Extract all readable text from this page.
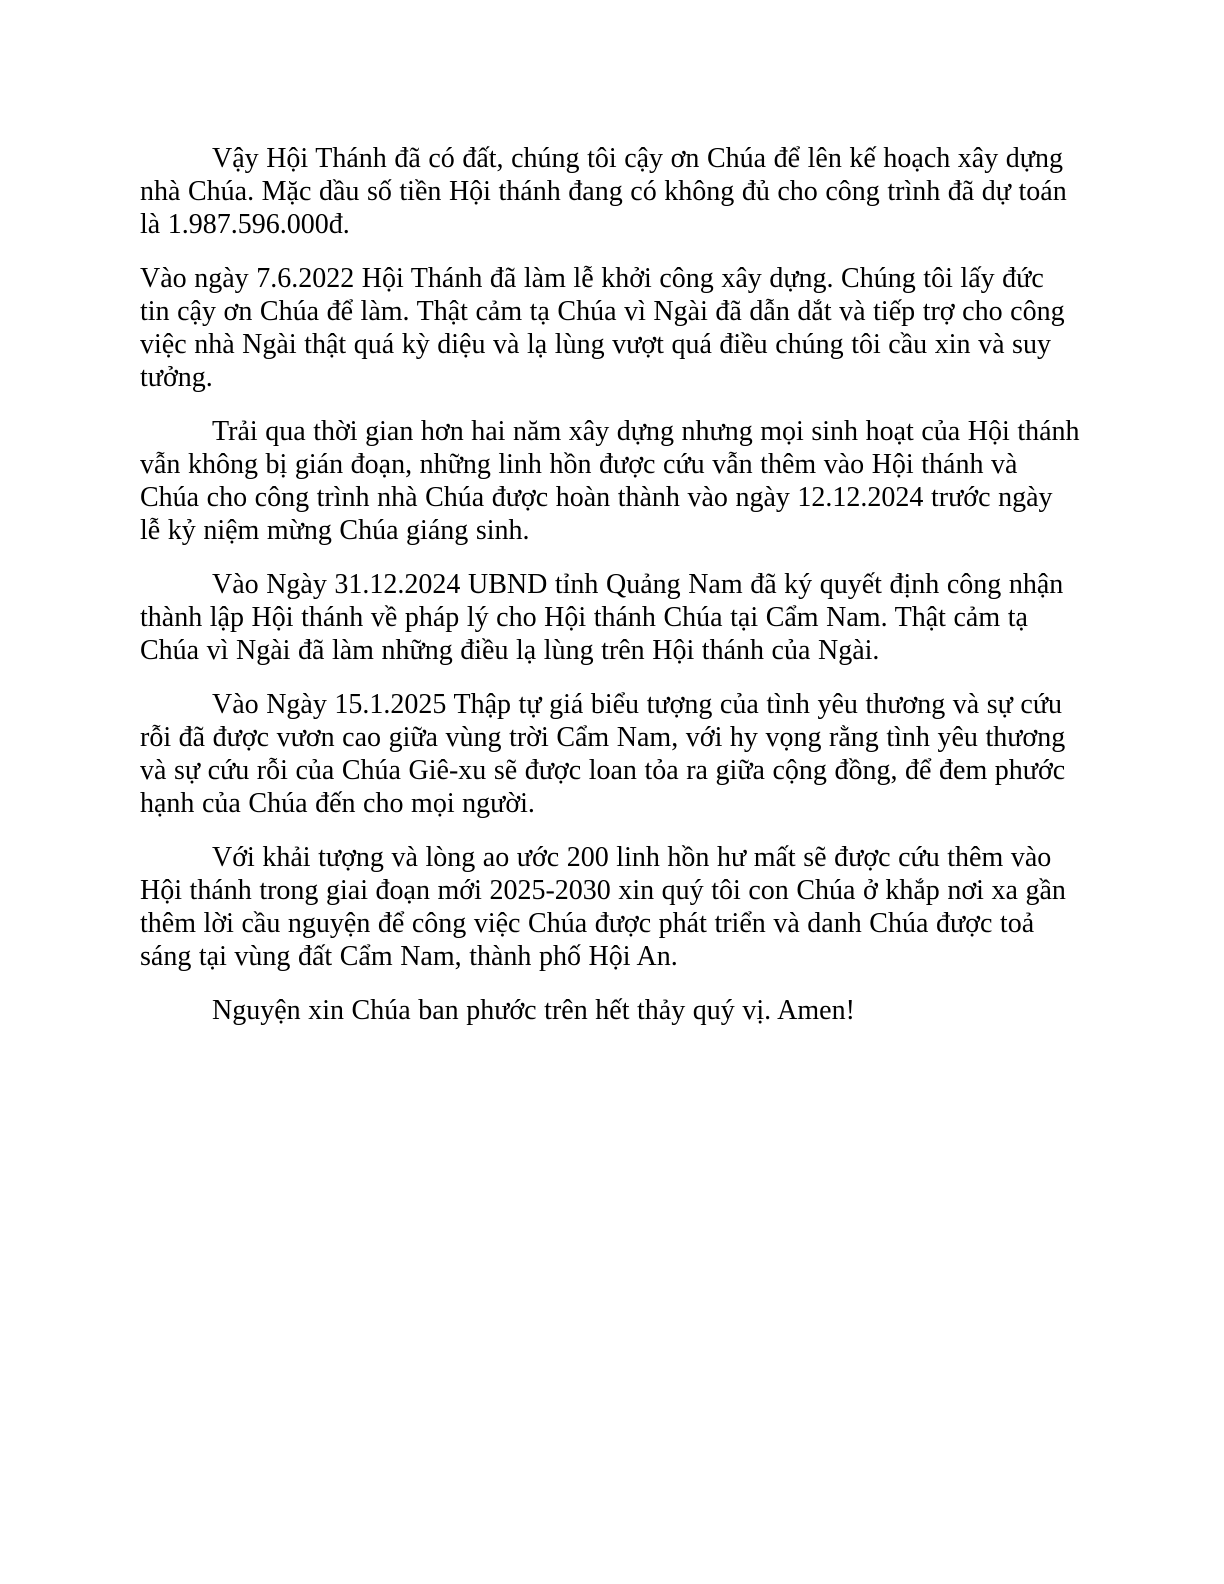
Vậy Hội Thánh đã có đất, chúng tôi cậy ơn Chúa để lên kế hoạch xây dựng nhà Chúa. Mặc dầu số tiền Hội thánh đang có không đủ cho công trình đã dự toán là 1.987.596.000đ.

Vào ngày 7.6.2022 Hội Thánh đã làm lễ khởi công xây dựng. Chúng tôi lấy đức tin cậy ơn Chúa để làm. Thật cảm tạ Chúa vì Ngài đã dẫn dắt và tiếp trợ cho công việc nhà Ngài thật quá kỳ diệu và lạ lùng vượt quá điều chúng tôi cầu xin và suy tưởng.

Trải qua thời gian hơn hai năm xây dựng nhưng mọi sinh hoạt của Hội thánh vẫn không bị gián đoạn, những linh hồn được cứu vẫn thêm vào Hội thánh và Chúa cho công trình nhà Chúa được hoàn thành vào ngày 12.12.2024 trước ngày lễ kỷ niệm mừng Chúa giáng sinh.

Vào Ngày 31.12.2024 UBND tỉnh Quảng Nam đã ký quyết định công nhận thành lập Hội thánh về pháp lý cho Hội thánh Chúa tại Cẩm Nam. Thật cảm tạ Chúa vì Ngài đã làm những điều lạ lùng trên Hội thánh của Ngài.

Vào Ngày 15.1.2025 Thập tự giá biểu tượng của tình yêu thương và sự cứu rỗi đã được vươn cao giữa vùng trời Cẩm Nam, với hy vọng rằng tình yêu thương và sự cứu rỗi của Chúa Giê-xu sẽ được loan tỏa ra giữa cộng đồng, để đem phước hạnh của Chúa đến cho mọi người.

Với khải tượng và lòng ao ước 200 linh hồn hư mất sẽ được cứu thêm vào Hội thánh trong giai đoạn mới 2025-2030 xin quý tôi con Chúa ở khắp nơi xa gần thêm lời cầu nguyện để công việc Chúa được phát triển và danh Chúa được toả sáng tại vùng đất Cẩm Nam, thành phố Hội An.

Nguyện xin Chúa ban phước trên hết thảy quý vị. Amen!
